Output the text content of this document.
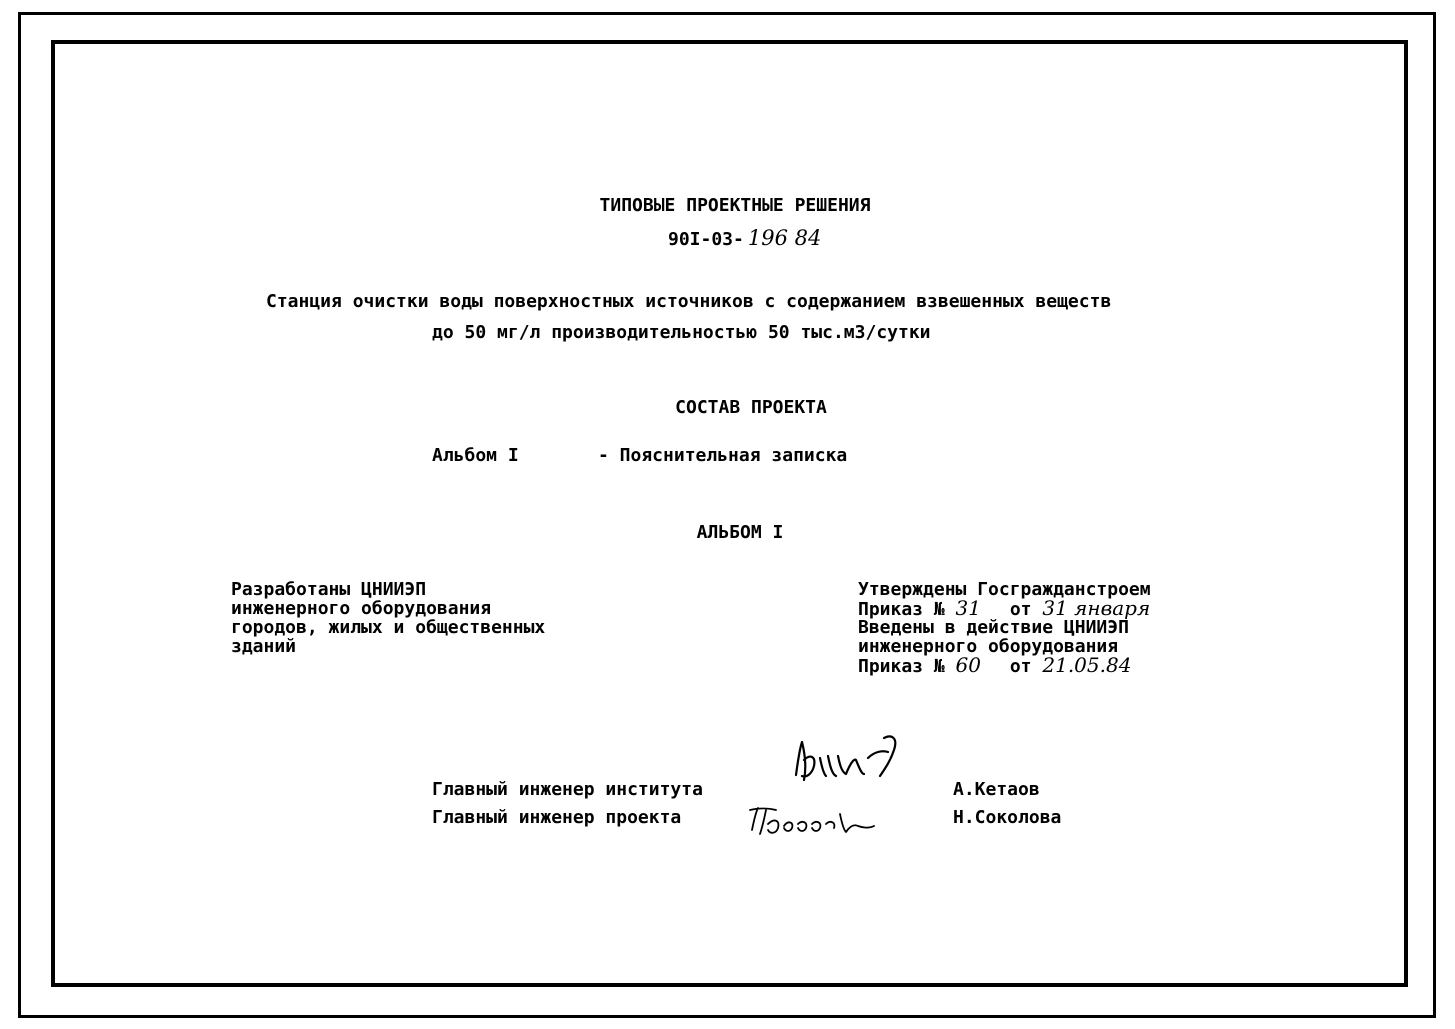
ТИПОВЫЕ ПРОЕКТНЫЕ РЕШЕНИЯ
90I-03- 196 84
Станция очистки воды поверхностных источников с содержанием взвешенных веществ
до 50 мг/л производительностью 50 тыс.м3/сутки
СОСТАВ ПРОЕКТА
Альбом I	- Пояснительная записка
АЛЬБОМ I
Разработаны ЦНИИЭП
инженерного оборудования
городов, жилых и общественных
зданий
Утверждены Госгражданстроем
Приказ № 31 от 31 января
Введены в действие ЦНИИЭП
инженерного оборудования
Приказ № 60 от 21.05.84
Главный инженер института
Главный инженер проекта
А.Кетаов
Н.Соколова
